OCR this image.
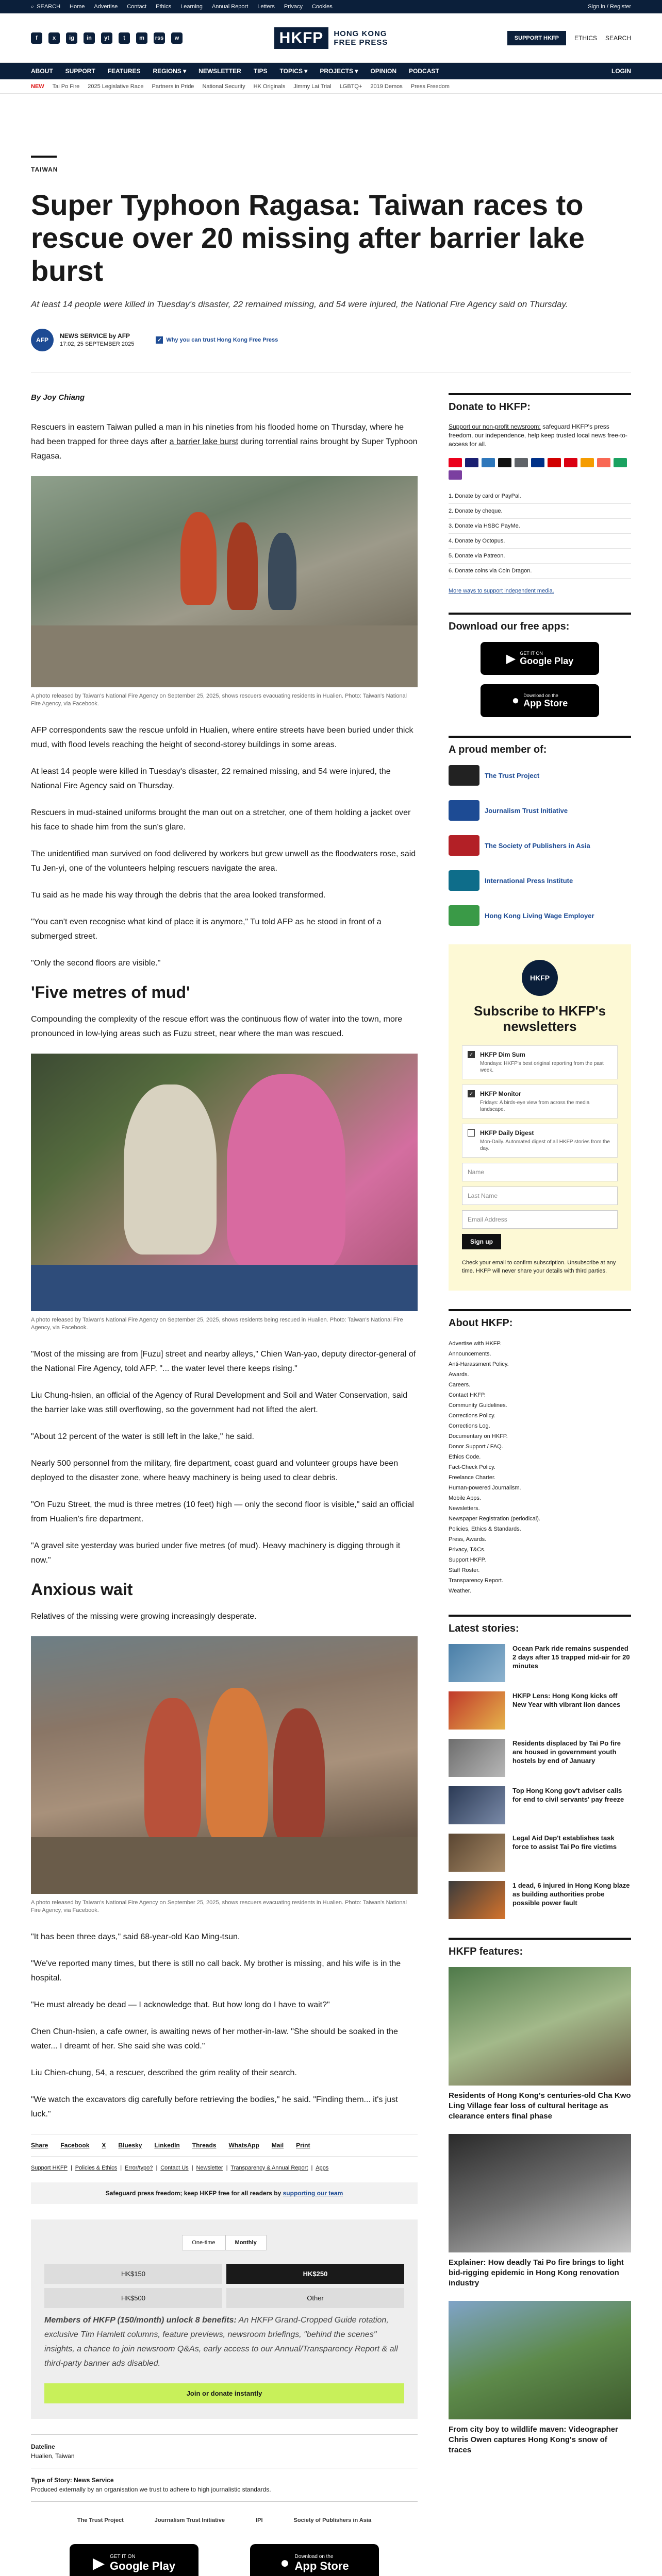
⌕ SEARCH Home Advertise Contact Ethics Learning Annual Report Letters Privacy Cookies	Sign in / Register
f	x	ig	in	yt	t	m	rss	w	HKFP	HONG KONG
FREE PRESS	SUPPORT HKFP	ETHICS SEARCH
ABOUT SUPPORT FEATURES REGIONS ▾ NEWSLETTER TIPS TOPICS ▾ PROJECTS ▾ OPINION PODCAST	LOGIN
NEW Tai Po Fire 2025 Legislative Race Partners in Pride National Security HK Originals Jimmy Lai Trial LGBTQ+ 2019 Demos Press Freedom
TAIWAN
Super Typhoon Ragasa: Taiwan races to rescue over 20 missing after barrier lake burst

At least 14 people were killed in Tuesday's disaster, 22 remained missing, and 54 were injured, the National Fire Agency said on Thursday.

AFP
NEWS SERVICE by AFP
17:02, 25 SEPTEMBER 2025
✓ Why you can trust Hong Kong Free Press
By Joy Chiang

Rescuers in eastern Taiwan pulled a man in his nineties from his flooded home on Thursday, where he had been trapped for three days after a barrier lake burst during torrential rains brought by Super Typhoon Ragasa.

A photo released by Taiwan's National Fire Agency on September 25, 2025, shows rescuers evacuating residents in Hualien. Photo: Taiwan's National Fire Agency, via Facebook.

AFP correspondents saw the rescue unfold in Hualien, where entire streets have been buried under thick mud, with flood levels reaching the height of second-storey buildings in some areas.

At least 14 people were killed in Tuesday's disaster, 22 remained missing, and 54 were injured, the National Fire Agency said on Thursday.

Rescuers in mud-stained uniforms brought the man out on a stretcher, one of them holding a jacket over his face to shade him from the sun's glare.

The unidentified man survived on food delivered by workers but grew unwell as the floodwaters rose, said Tu Jen-yi, one of the volunteers helping rescuers navigate the area.

Tu said as he made his way through the debris that the area looked transformed.

"You can't even recognise what kind of place it is anymore," Tu told AFP as he stood in front of a submerged street.

"Only the second floors are visible."

'Five metres of mud'

Compounding the complexity of the rescue effort was the continuous flow of water into the town, more pronounced in low-lying areas such as Fuzu street, near where the man was rescued.

A photo released by Taiwan's National Fire Agency on September 25, 2025, shows residents being rescued in Hualien. Photo: Taiwan's National Fire Agency, via Facebook.

"Most of the missing are from [Fuzu] street and nearby alleys," Chien Wan-yao, deputy director-general of the National Fire Agency, told AFP. "... the water level there keeps rising."

Liu Chung-hsien, an official of the Agency of Rural Development and Soil and Water Conservation, said the barrier lake was still overflowing, so the government had not lifted the alert.

"About 12 percent of the water is still left in the lake," he said.

Nearly 500 personnel from the military, fire department, coast guard and volunteer groups have been deployed to the disaster zone, where heavy machinery is being used to clear debris.

"On Fuzu Street, the mud is three metres (10 feet) high — only the second floor is visible," said an official from Hualien's fire department.

"A gravel site yesterday was buried under five metres (of mud). Heavy machinery is digging through it now."

Anxious wait

Relatives of the missing were growing increasingly desperate.

A photo released by Taiwan's National Fire Agency on September 25, 2025, shows rescuers evacuating residents in Hualien. Photo: Taiwan's National Fire Agency, via Facebook.

"It has been three days," said 68-year-old Kao Ming-tsun.

"We've reported many times, but there is still no call back. My brother is missing, and his wife is in the hospital.

"He must already be dead — I acknowledge that. But how long do I have to wait?"

Chen Chun-hsien, a cafe owner, is awaiting news of her mother-in-law. "She should be soaked in the water... I dreamt of her. She said she was cold."

Liu Chien-chung, 54, a rescuer, described the grim reality of their search.

"We watch the excavators dig carefully before retrieving the bodies," he said. "Finding them... it's just luck."

Share Facebook X Bluesky LinkedIn Threads WhatsApp Mail Print
Support HKFP | Policies & Ethics | Error/typo? | Contact Us | Newsletter | Transparency & Annual Report | Apps
Safeguard press freedom; keep HKFP free for all readers by supporting our team
One-time	Monthly
HK$150	HK$250
HK$500	Other

Members of HKFP (150/month) unlock 8 benefits: An HKFP Grand-Cropped Guide rotation, exclusive Tim Hamlett columns, feature previews, newsroom briefings, "behind the scenes" insights, a chance to join newsroom Q&As, early access to our Annual/Transparency Report & all third-party banner ads disabled.

Join or donate instantly
Dateline
Hualien, Taiwan
Type of Story: News Service
Produced externally by an organisation we trust to adhere to high journalistic standards.
The Trust Project	Journalism Trust Initiative	IPI	Society of Publishers in Asia
▶ GET IT ON
Google Play	● Download on the
App Store
Donate to HKFP:

Support our non-profit newsroom: safeguard HKFP's press freedom, our independence, help keep trusted local news free-to-access for all.

1. Donate by card or PayPal.
2. Donate by cheque.
3. Donate via HSBC PayMe.
4. Donate by Octopus.
5. Donate via Patreon.
6. Donate coins via Coin Dragon.
More ways to support independent media.
Download our free apps:
▶ GET IT ON
Google Play
● Download on the
App Store
A proud member of:
The Trust Project
Journalism Trust Initiative
The Society of Publishers in Asia
International Press Institute
Hong Kong Living Wage Employer
HKFP
Subscribe to HKFP's newsletters
✓ HKFP Dim Sum
Mondays: HKFP's best original reporting from the past week.
✓ HKFP Monitor
Fridays: A birds-eye view from across the media landscape.
HKFP Daily Digest
Mon-Daily. Automated digest of all HKFP stories from the day.
Name
Last Name
Email Address
Sign up

Check your email to confirm subscription. Unsubscribe at any time. HKFP will never share your details with third parties.

About HKFP:
Advertise with HKFP.
Announcements.
Anti-Harassment Policy.
Awards.
Careers.
Contact HKFP.
Community Guidelines.
Corrections Policy.
Corrections Log.
Documentary on HKFP.
Donor Support / FAQ.
Ethics Code.
Fact-Check Policy.
Freelance Charter.
Human-powered Journalism.
Mobile Apps.
Newsletters.
Newspaper Registration (periodical).
Policies, Ethics & Standards.
Press, Awards.
Privacy, T&Cs.
Support HKFP.
Staff Roster.
Transparency Report.
Weather.
Latest stories:
Ocean Park ride remains suspended 2 days after 15 trapped mid-air for 20 minutes
HKFP Lens: Hong Kong kicks off New Year with vibrant lion dances
Residents displaced by Tai Po fire are housed in government youth hostels by end of January
Top Hong Kong gov't adviser calls for end to civil servants' pay freeze
Legal Aid Dep't establishes task force to assist Tai Po fire victims
1 dead, 6 injured in Hong Kong blaze as building authorities probe possible power fault
HKFP features:
Residents of Hong Kong's centuries-old Cha Kwo Ling Village fear loss of cultural heritage as clearance enters final phase
Explainer: How deadly Tai Po fire brings to light bid-rigging epidemic in Hong Kong renovation industry
From city boy to wildlife maven: Videographer Chris Owen captures Hong Kong's snow of traces
